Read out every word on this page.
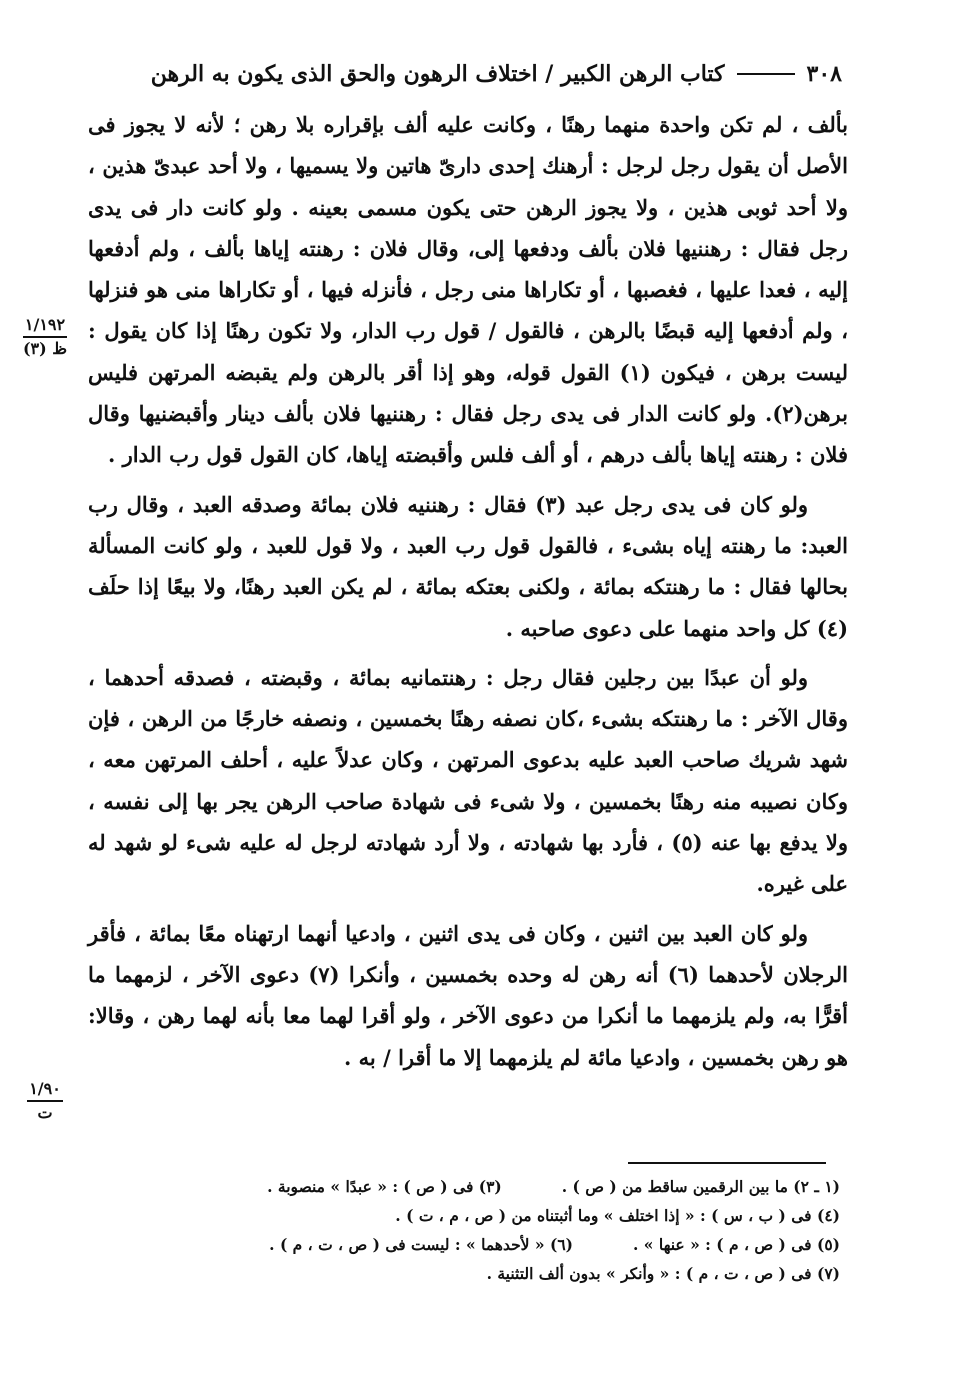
٣٠٨
كتاب الرهن الكبير / اختلاف الرهون والحق الذى يكون به الرهن

بألف ، لم تكن واحدة منهما رهنًا ، وكانت عليه ألف بإقراره بلا رهن ؛ لأنه لا يجوز فى الأصل أن يقول رجل لرجل : أرهنك إحدى دارىّ هاتين ولا يسميها ، ولا أحد عبدىّ هذين ، ولا أحد ثوبى هذين ، ولا يجوز الرهن حتى يكون مسمى بعينه . ولو كانت دار فى يدى رجل فقال : رهننيها فلان بألف ودفعها إلى، وقال فلان : رهنته إياها بألف ، ولم أدفعها إليه ، فعدا عليها ، فغصبها ، أو تكاراها منى رجل ، فأنزله فيها ، أو تكاراها منى هو فنزلها ، ولم أدفعها إليه قبضًا بالرهن ، فالقول / قول رب الدار، ولا تكون رهنًا إذا كان يقول : ليست برهن ، فيكون (١) القول قوله، وهو إذا أقر بالرهن ولم يقبضه المرتهن فليس برهن(٢). ولو كانت الدار فى يدى رجل فقال : رهننيها فلان بألف دينار وأقبضنيها وقال فلان : رهنته إياها بألف درهم ، أو ألف فلس وأقبضته إياها، كان القول قول رب الدار .

ولو كان فى يدى رجل عبد (٣) فقال : رهننيه فلان بمائة وصدقه العبد ، وقال رب العبد: ما رهنته إياه بشىء ، فالقول قول رب العبد ، ولا قول للعبد ، ولو كانت المسألة بحالها فقال : ما رهنتكه بمائة ، ولكنى بعتكه بمائة ، لم يكن العبد رهنًا، ولا بيعًا إذا حلَف (٤) كل واحد منهما على دعوى صاحبه .

ولو أن عبدًا بين رجلين فقال رجل : رهنتمانيه بمائة ، وقبضته ، فصدقه أحدهما ، وقال الآخر : ما رهنتكه بشىء ،كان نصفه رهنًا بخمسين ، ونصفه خارجًا من الرهن ، فإن شهد شريك صاحب العبد عليه بدعوى المرتهن ، وكان عدلاً عليه ، أحلف المرتهن معه ، وكان نصيبه منه رهنًا بخمسين ، ولا شىء فى شهادة صاحب الرهن يجر بها إلى نفسه ، ولا يدفع بها عنه (٥) ، فأرد بها شهادته ، ولا أرد شهادته لرجل له عليه شىء لو شهد له على غيره.

ولو كان العبد بين اثنين ، وكان فى يدى اثنين ، وادعيا أنهما ارتهناه معًا بمائة ، فأقر الرجلان لأحدهما (٦) أنه رهن له وحده بخمسين ، وأنكرا (٧) دعوى الآخر ، لزمهما ما أقرًّا به، ولم يلزمهما ما أنكرا من دعوى الآخر ، ولو أقرا لهما معا بأنه لهما رهن ، وقالا: هو رهن بخمسين ، وادعيا مائة لم يلزمهما إلا ما أقرا / به .

$\frac{١/١٩٢}{\text{ظ (٣)}}$
$\frac{١/٩٠}{\text{ت}}$
(١ ـ ٢) ما بين الرقمين ساقط من ( ص ) .
(٣) فى ( ص ) : « عبدًا » منصوبة .
(٤) فى ( ب ، س ) : « إذا اختلف » وما أثبتناه من ( ص ، م ، ت ) .
(٥) فى ( ص ، م ) : « عنها » .
(٦) « لأحدهما » : ليست فى ( ص ، ت ، م ) .
(٧) فى ( ص ، ت ، م ) : « وأنكر » بدون ألف التثنية .
